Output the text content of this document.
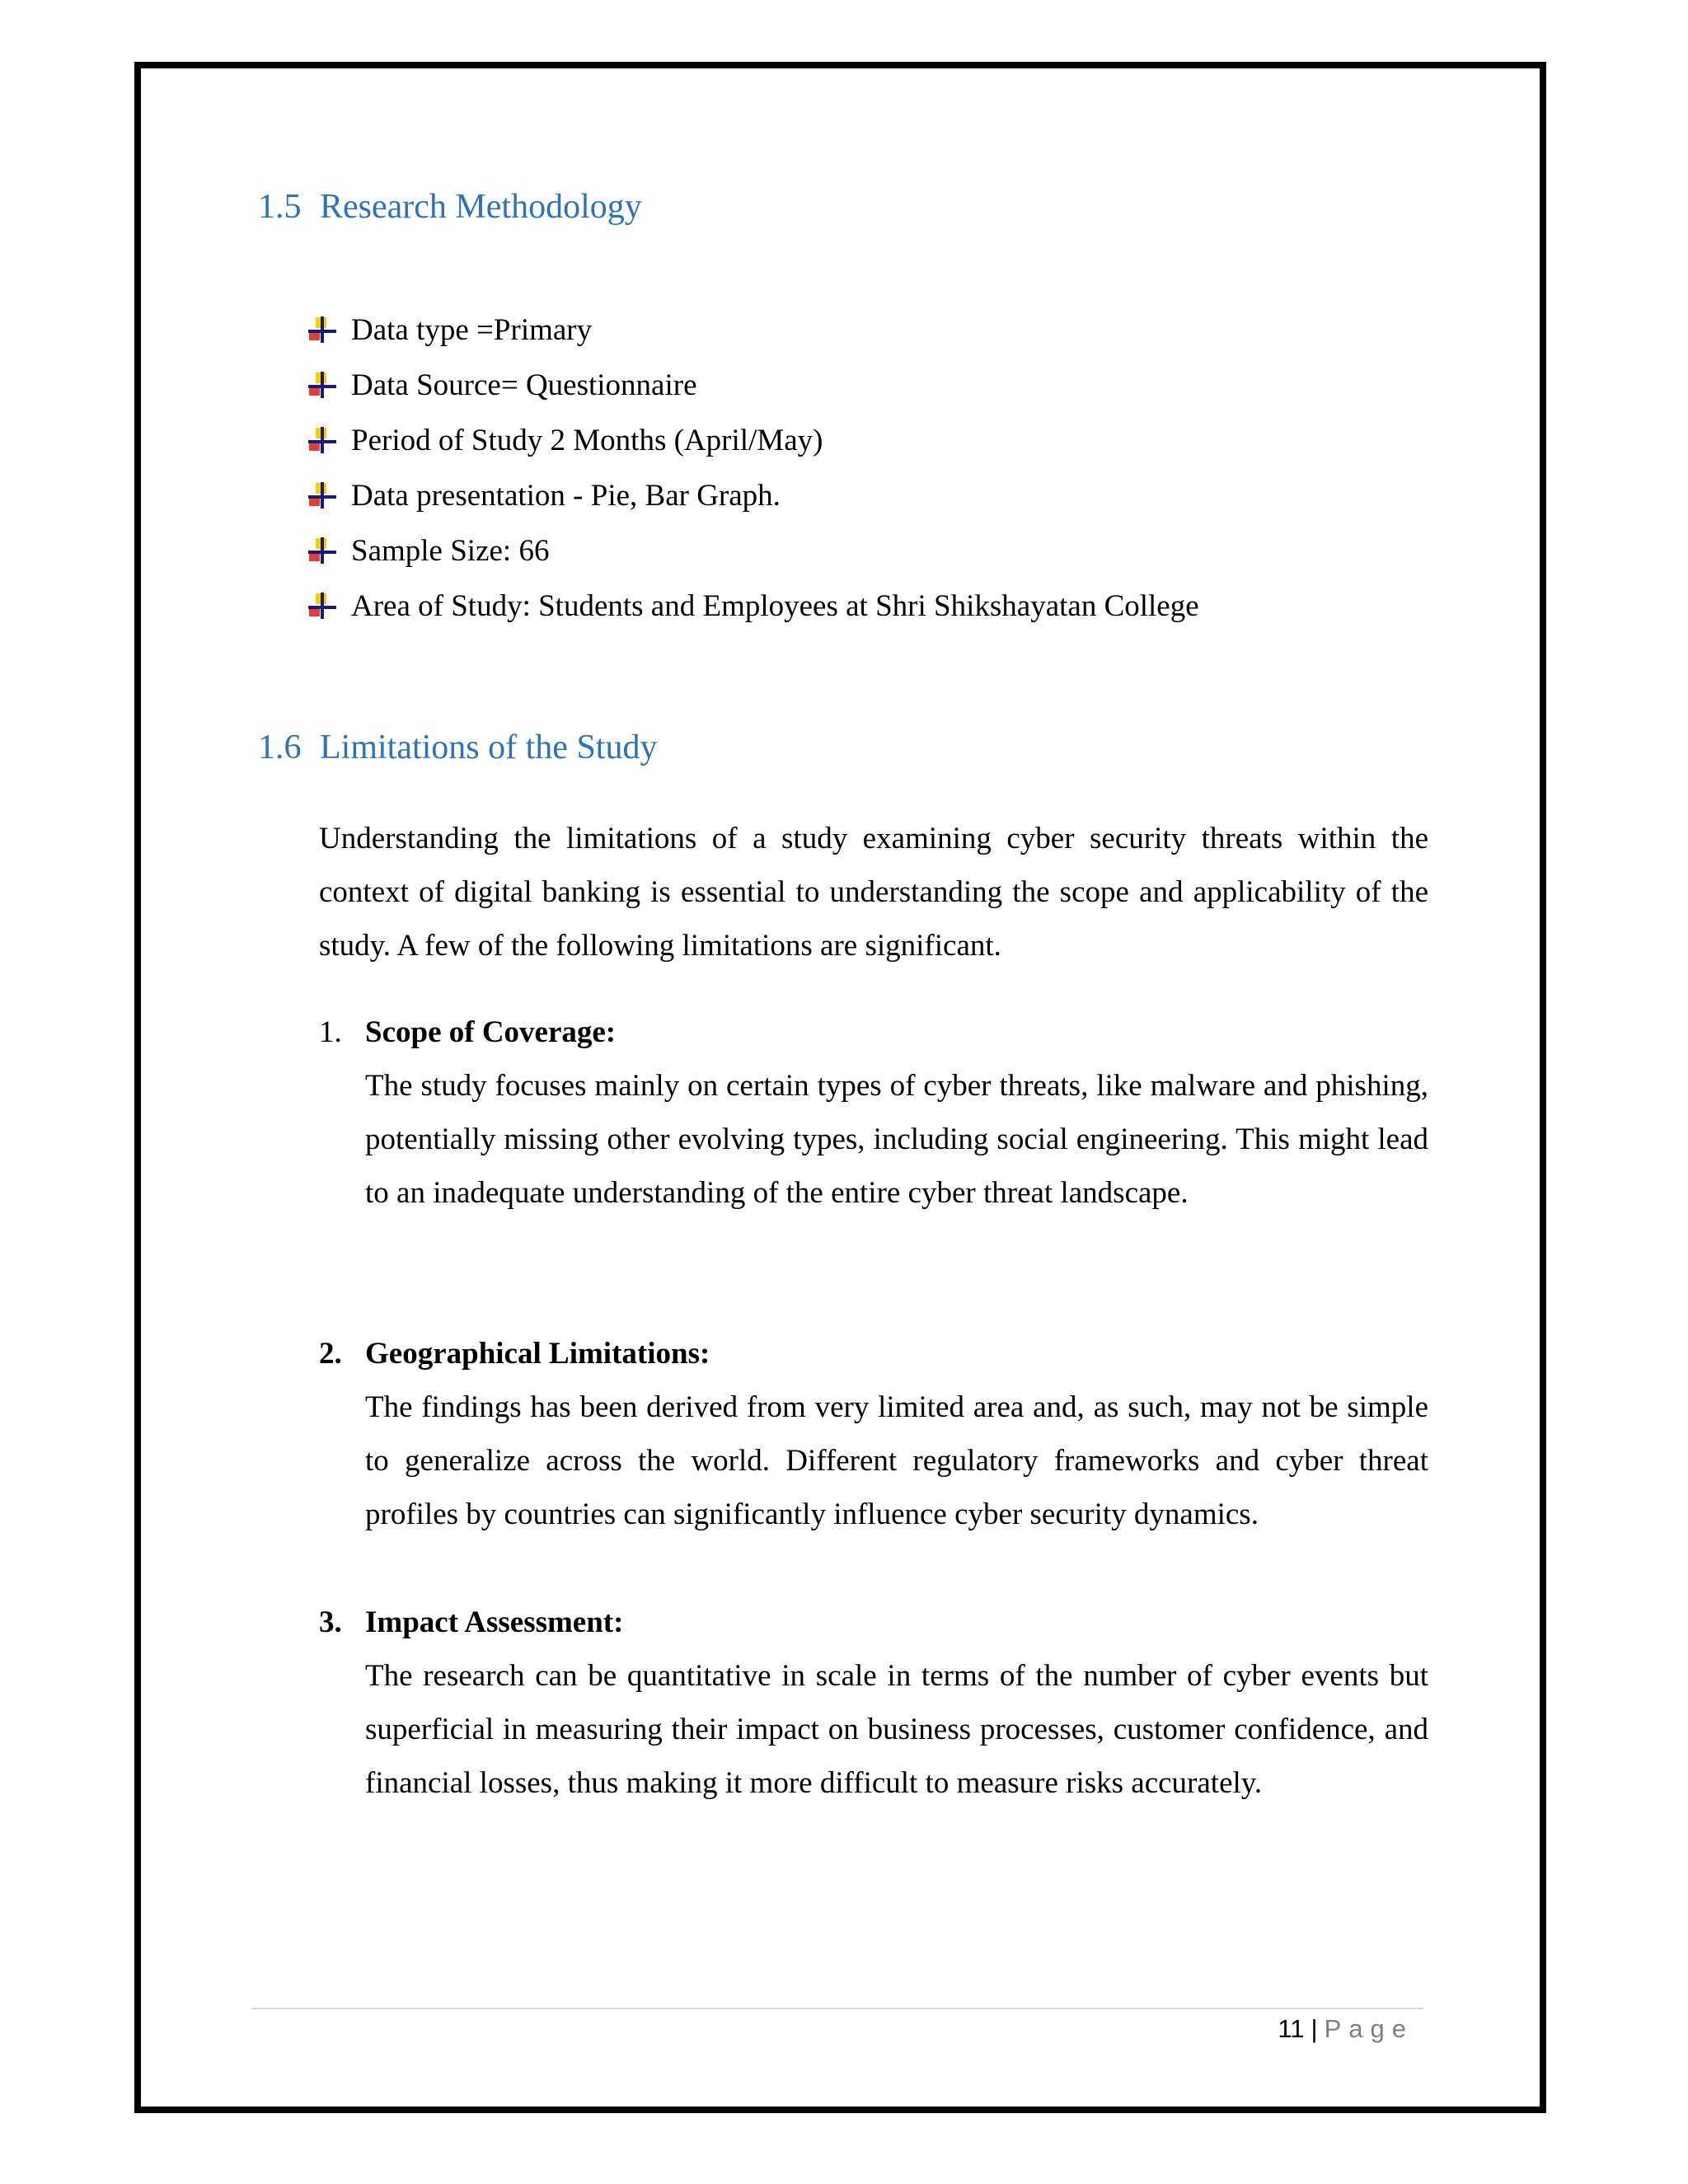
1.5 Research Methodology
Data type =Primary
Data Source= Questionnaire
Period of Study 2 Months (April/May)
Data presentation - Pie, Bar Graph.
Sample Size: 66
Area of Study: Students and Employees at Shri Shikshayatan College
1.6 Limitations of the Study

Understanding the limitations of a study examining cyber security threats within the context of digital banking is essential to understanding the scope and applicability of the study. A few of the following limitations are significant.

1. Scope of Coverage:
The study focuses mainly on certain types of cyber threats, like malware and phishing, potentially missing other evolving types, including social engineering. This might lead to an inadequate understanding of the entire cyber threat landscape.
2. Geographical Limitations:
The findings has been derived from very limited area and, as such, may not be simple to generalize across the world. Different regulatory frameworks and cyber threat profiles by countries can significantly influence cyber security dynamics.
3. Impact Assessment:
The research can be quantitative in scale in terms of the number of cyber events but superficial in measuring their impact on business processes, customer confidence, and financial losses, thus making it more difficult to measure risks accurately.
11 | Page
